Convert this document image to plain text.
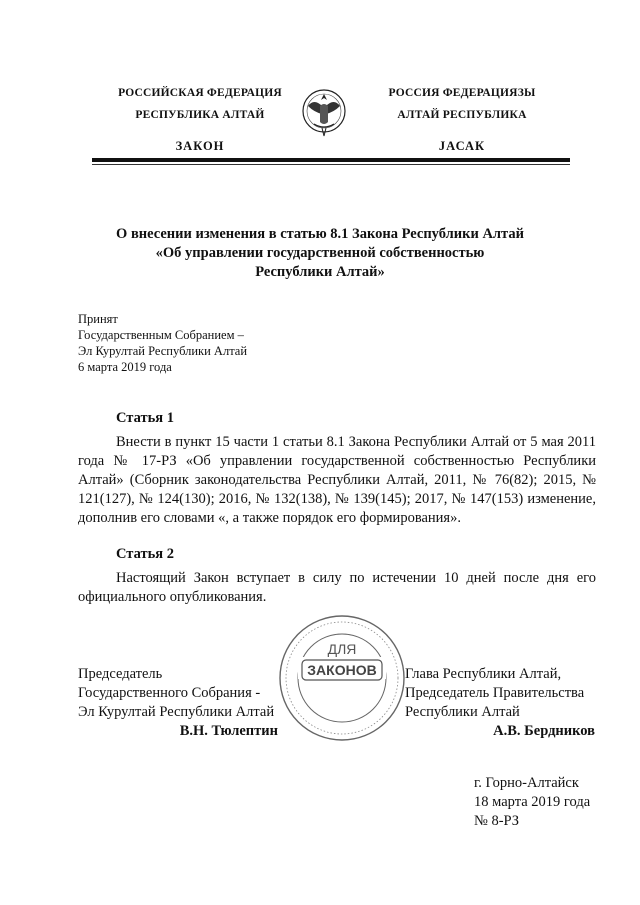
РОССИЙСКАЯ ФЕДЕРАЦИЯ
РЕСПУБЛИКА АЛТАЙ
ЗАКОН
РОССИЯ ФЕДЕРАЦИЯЗЫ
АЛТАЙ РЕСПУБЛИКА
JАСАК
О внесении изменения в статью 8.1 Закона Республики Алтай
«Об управлении государственной собственностью
Республики Алтай»
Принят
Государственным Собранием –
Эл Курултай Республики Алтай
6 марта 2019 года
Статья 1

Внести в пункт 15 части 1 статьи 8.1 Закона Республики Алтай от 5 мая 2011 года № 17-РЗ «Об управлении государственной собственностью Республики Алтай» (Сборник законодательства Республики Алтай, 2011, № 76(82); 2015, № 121(127), № 124(130); 2016, № 132(138), № 139(145); 2017, № 147(153) изменение, дополнив его словами «, а также порядок его формирования».

Статья 2

Настоящий Закон вступает в силу по истечении 10 дней после дня его официального опубликования.

ДЛЯ
ЗАКОНОВ
Председатель
Государственного Собрания -
Эл Курултай Республики Алтай
В.Н. Тюлептин
Глава Республики Алтай,
Председатель Правительства
Республики Алтай
А.В. Бердников
г. Горно-Алтайск
18 марта 2019 года
№ 8-РЗ
